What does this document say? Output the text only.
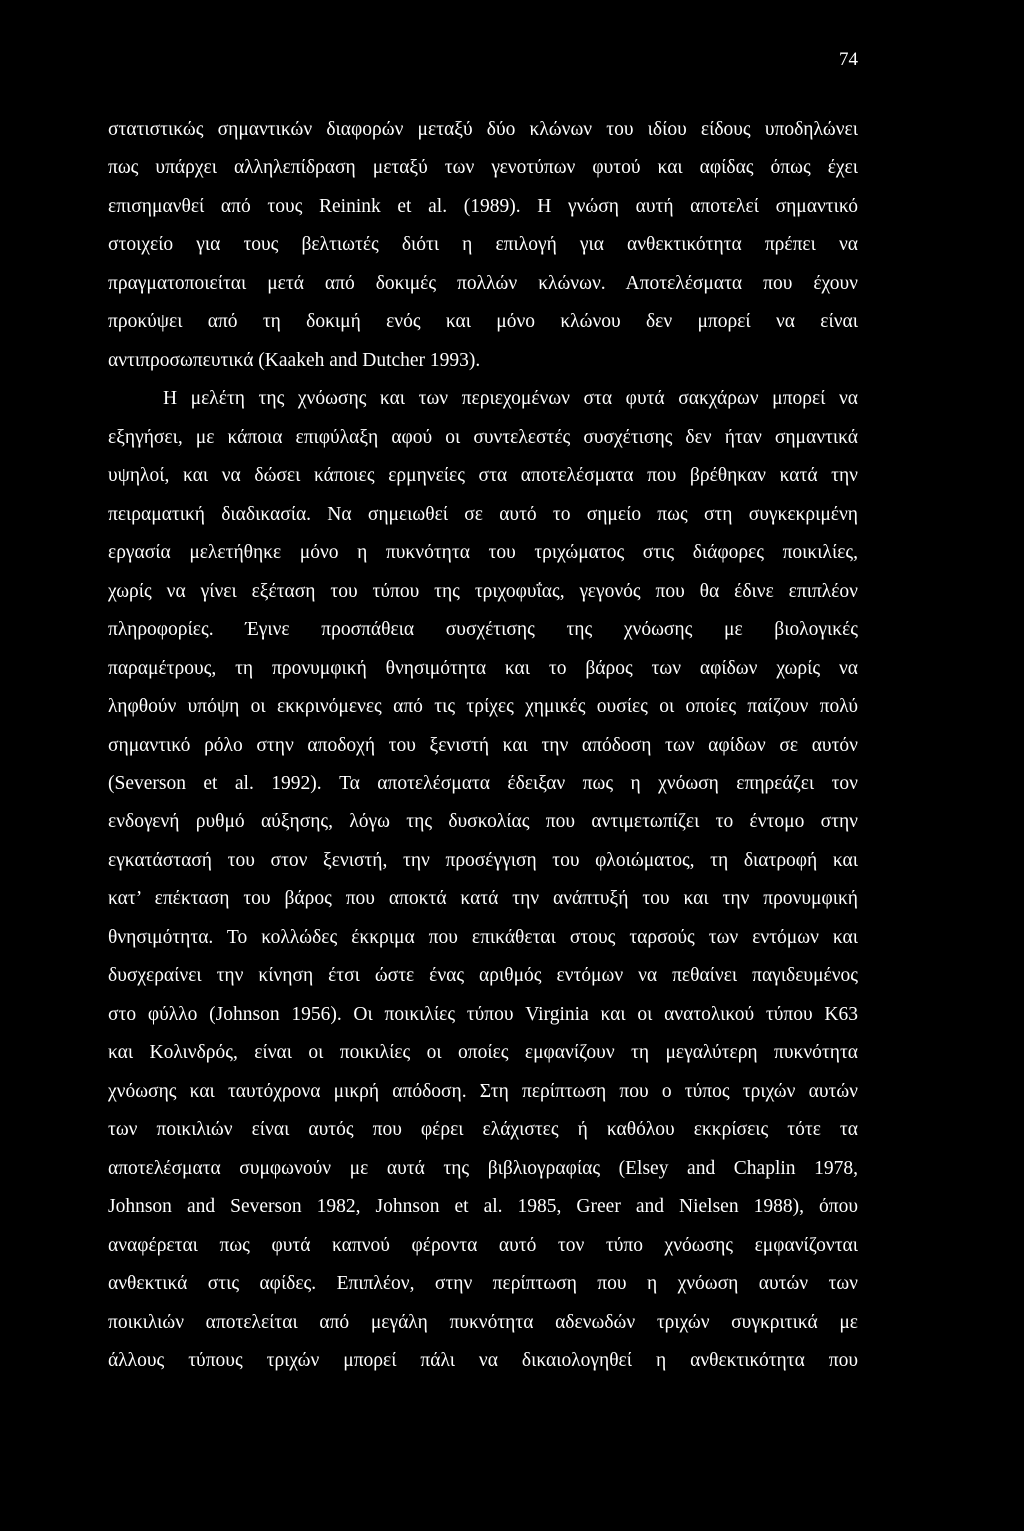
74
στατιστικώς σημαντικών διαφορών μεταξύ δύο κλώνων του ιδίου είδους υποδηλώνει
πως υπάρχει αλληλεπίδραση μεταξύ των γενοτύπων φυτού και αφίδας όπως έχει
επισημανθεί από τους Reinink et al. (1989). Η γνώση αυτή αποτελεί σημαντικό
στοιχείο για τους βελτιωτές διότι η επιλογή για ανθεκτικότητα πρέπει να
πραγματοποιείται μετά από δοκιμές πολλών κλώνων. Αποτελέσματα που έχουν
προκύψει από τη δοκιμή ενός και μόνο κλώνου δεν μπορεί να είναι
αντιπροσωπευτικά (Kaakeh and Dutcher 1993).
Η μελέτη της χνόωσης και των περιεχομένων στα φυτά σακχάρων μπορεί να
εξηγήσει, με κάποια επιφύλαξη αφού οι συντελεστές συσχέτισης δεν ήταν σημαντικά
υψηλοί, και να δώσει κάποιες ερμηνείες στα αποτελέσματα που βρέθηκαν κατά την
πειραματική διαδικασία. Να σημειωθεί σε αυτό το σημείο πως στη συγκεκριμένη
εργασία μελετήθηκε μόνο η πυκνότητα του τριχώματος στις διάφορες ποικιλίες,
χωρίς να γίνει εξέταση του τύπου της τριχοφυΐας, γεγονός που θα έδινε επιπλέον
πληροφορίες. Έγινε προσπάθεια συσχέτισης της χνόωσης με βιολογικές
παραμέτρους, τη προνυμφική θνησιμότητα και το βάρος των αφίδων χωρίς να
ληφθούν υπόψη οι εκκρινόμενες από τις τρίχες χημικές ουσίες οι οποίες παίζουν πολύ
σημαντικό ρόλο στην αποδοχή του ξενιστή και την απόδοση των αφίδων σε αυτόν
(Severson et al. 1992). Τα αποτελέσματα έδειξαν πως η χνόωση επηρεάζει τον
ενδογενή ρυθμό αύξησης, λόγω της δυσκολίας που αντιμετωπίζει το έντομο στην
εγκατάστασή του στον ξενιστή, την προσέγγιση του φλοιώματος, τη διατροφή και
κατ’ επέκταση του βάρος που αποκτά κατά την ανάπτυξή του και την προνυμφική
θνησιμότητα. Το κολλώδες έκκριμα που επικάθεται στους ταρσούς των εντόμων και
δυσχεραίνει την κίνηση έτσι ώστε ένας αριθμός εντόμων να πεθαίνει παγιδευμένος
στο φύλλο (Johnson 1956). Οι ποικιλίες τύπου Virginia και οι ανατολικού τύπου Κ63
και Κολινδρός, είναι οι ποικιλίες οι οποίες εμφανίζουν τη μεγαλύτερη πυκνότητα
χνόωσης και ταυτόχρονα μικρή απόδοση. Στη περίπτωση που ο τύπος τριχών αυτών
των ποικιλιών είναι αυτός που φέρει ελάχιστες ή καθόλου εκκρίσεις τότε τα
αποτελέσματα συμφωνούν με αυτά της βιβλιογραφίας (Elsey and Chaplin 1978,
Johnson and Severson 1982, Johnson et al. 1985, Greer and Nielsen 1988), όπου
αναφέρεται πως φυτά καπνού φέροντα αυτό τον τύπο χνόωσης εμφανίζονται
ανθεκτικά στις αφίδες. Επιπλέον, στην περίπτωση που η χνόωση αυτών των
ποικιλιών αποτελείται από μεγάλη πυκνότητα αδενωδών τριχών συγκριτικά με
άλλους τύπους τριχών μπορεί πάλι να δικαιολογηθεί η ανθεκτικότητα που
